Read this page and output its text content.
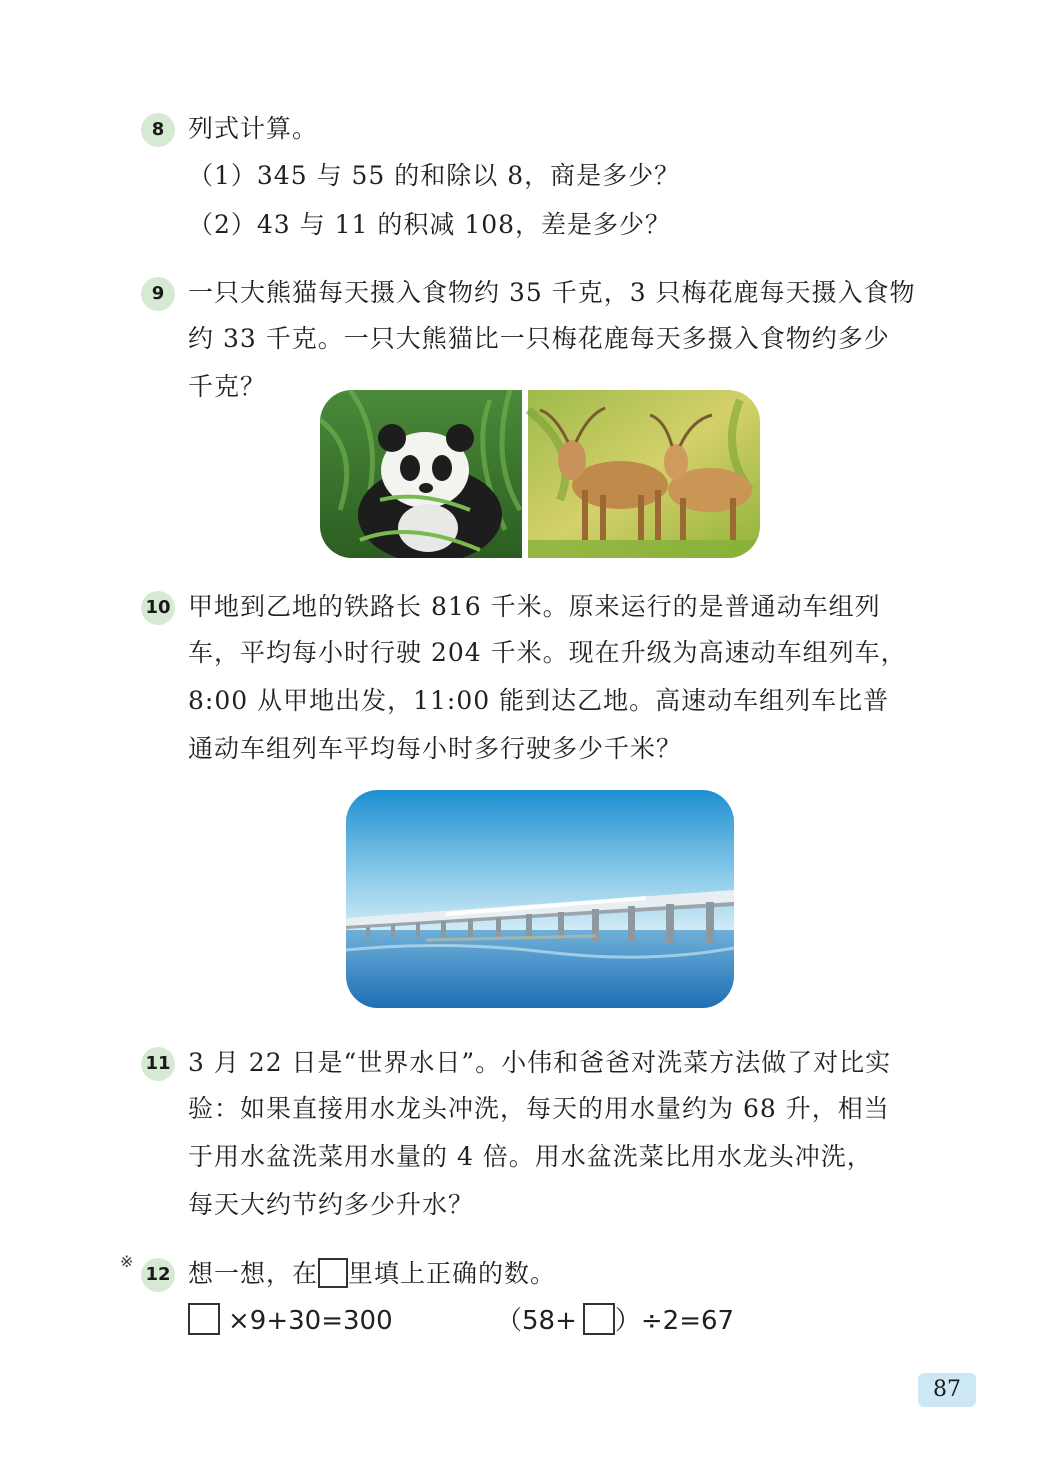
8 列式计算。
（1）345 与 55 的和除以 8，商是多少？
（2）43 与 11 的积减 108，差是多少？
9 一只大熊猫每天摄入食物约 35 千克，3 只梅花鹿每天摄入食物
约 33 千克。一只大熊猫比一只梅花鹿每天多摄入食物约多少
千克？
10 甲地到乙地的铁路长 816 千米。原来运行的是普通动车组列
车，平均每小时行驶 204 千米。现在升级为高速动车组列车，
8:00 从甲地出发，11:00 能到达乙地。高速动车组列车比普
通动车组列车平均每小时多行驶多少千米？
11 3 月 22 日是“世界水日”。小伟和爸爸对洗菜方法做了对比实
验：如果直接用水龙头冲洗，每天的用水量约为 68 升，相当
于用水盆洗菜用水量的 4 倍。用水盆洗菜比用水龙头冲洗，
每天大约节约多少升水？
※
12 想一想，在 里填上正确的数。
×9+30=300	（58+ ）÷2=67
87
